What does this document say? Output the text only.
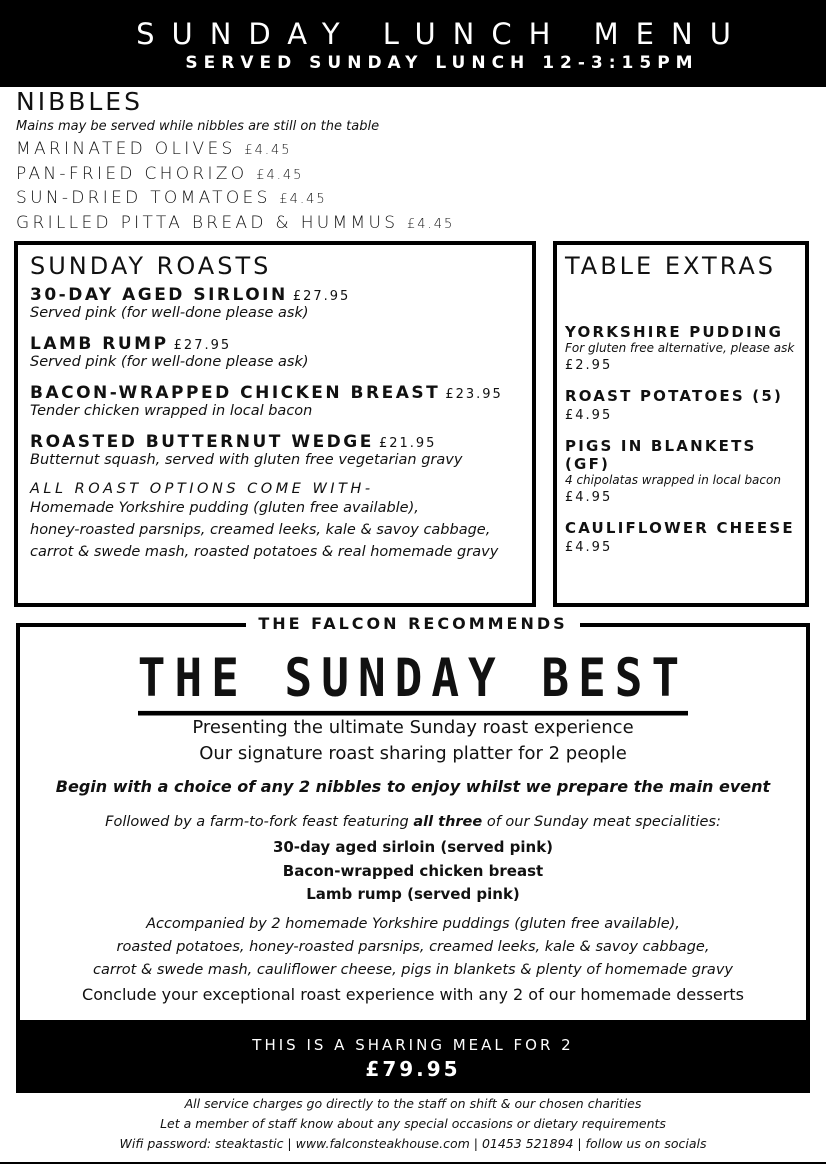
SUNDAY LUNCH MENU
SERVED SUNDAY LUNCH 12-3:15PM
NIBBLES
Mains may be served while nibbles are still on the table
MARINATED OLIVES £4.45
PAN-FRIED CHORIZO £4.45
SUN-DRIED TOMATOES £4.45
GRILLED PITTA BREAD & HUMMUS £4.45
SUNDAY ROASTS
30-DAY AGED SIRLOIN £27.95
Served pink (for well-done please ask)
LAMB RUMP £27.95
Served pink (for well-done please ask)
BACON-WRAPPED CHICKEN BREAST £23.95
Tender chicken wrapped in local bacon
ROASTED BUTTERNUT WEDGE £21.95
Butternut squash, served with gluten free vegetarian gravy
ALL ROAST OPTIONS COME WITH-
Homemade Yorkshire pudding (gluten free available),
honey-roasted parsnips, creamed leeks, kale & savoy cabbage,
carrot & swede mash, roasted potatoes & real homemade gravy
TABLE EXTRAS
YORKSHIRE PUDDING
For gluten free alternative, please ask
£2.95
ROAST POTATOES (5)
£4.95
PIGS IN BLANKETS (GF)
4 chipolatas wrapped in local bacon
£4.95
CAULIFLOWER CHEESE
£4.95
THE FALCON RECOMMENDS
THE SUNDAY BEST
Presenting the ultimate Sunday roast experience
Our signature roast sharing platter for 2 people
Begin with a choice of any 2 nibbles to enjoy whilst we prepare the main event
Followed by a farm-to-fork feast featuring all three of our Sunday meat specialities:
30-day aged sirloin (served pink)
Bacon-wrapped chicken breast
Lamb rump (served pink)
Accompanied by 2 homemade Yorkshire puddings (gluten free available),
roasted potatoes, honey-roasted parsnips, creamed leeks, kale & savoy cabbage,
carrot & swede mash, cauliflower cheese, pigs in blankets & plenty of homemade gravy
Conclude your exceptional roast experience with any 2 of our homemade desserts
THIS IS A SHARING MEAL FOR 2
£79.95
All service charges go directly to the staff on shift & our chosen charities
Let a member of staff know about any special occasions or dietary requirements
Wifi password: steaktastic | www.falconsteakhouse.com | 01453 521894 | follow us on socials
